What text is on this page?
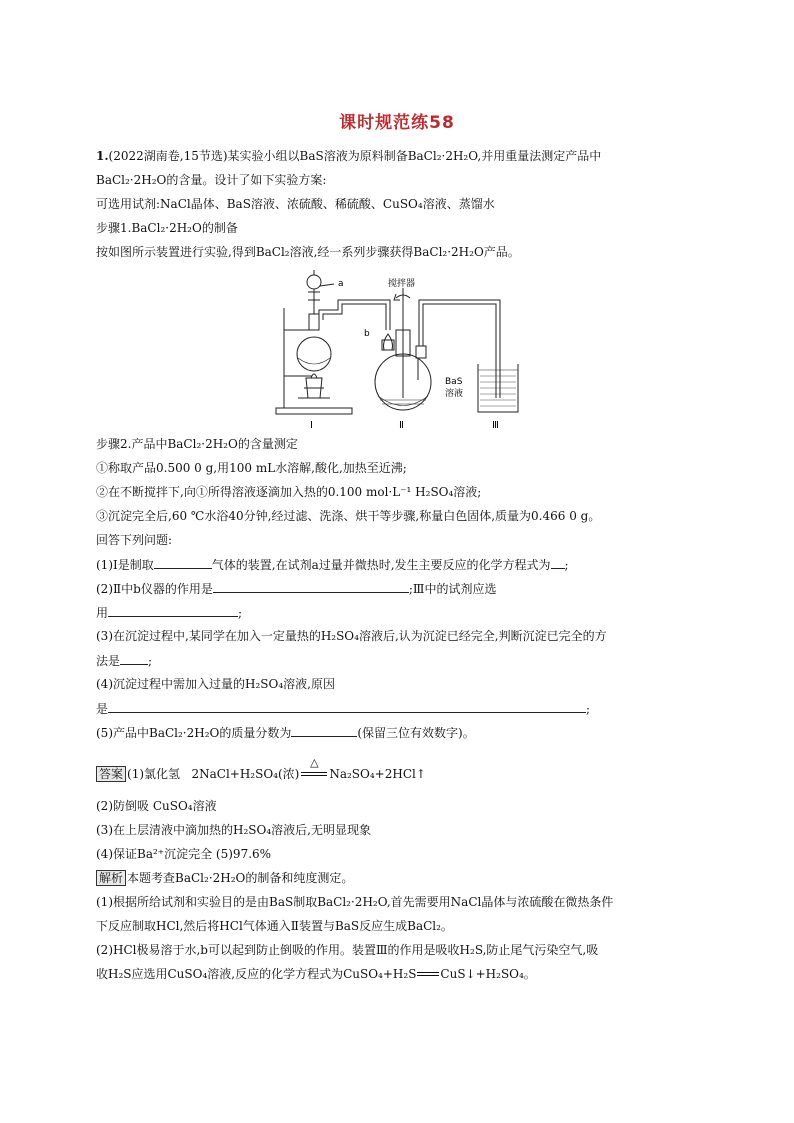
课时规范练58
1.(2022湖南卷,15节选)某实验小组以BaS溶液为原料制备BaCl₂·2H₂O,并用重量法测定产品中
BaCl₂·2H₂O的含量。设计了如下实验方案:
可选用试剂:NaCl晶体、BaS溶液、浓硫酸、稀硫酸、CuSO₄溶液、蒸馏水
步骤1.BaCl₂·2H₂O的制备
按如图所示装置进行实验,得到BaCl₂溶液,经一系列步骤获得BaCl₂·2H₂O产品。
a
b
搅拌器
BaS
溶液
Ⅰ	Ⅱ	Ⅲ
步骤2.产品中BaCl₂·2H₂O的含量测定
①称取产品0.500 0 g,用100 mL水溶解,酸化,加热至近沸;
②在不断搅拌下,向①所得溶液逐滴加入热的0.100 mol·L⁻¹ H₂SO₄溶液;
③沉淀完全后,60 ℃水浴40分钟,经过滤、洗涤、烘干等步骤,称量白色固体,质量为0.466 0 g。
回答下列问题:
(1)Ⅰ是制取	气体的装置,在试剂a过量并微热时,发生主要反应的化学方程式为 ;
(2)Ⅱ中b仪器的作用是	;Ⅲ中的试剂应选
用	;
(3)在沉淀过程中,某同学在加入一定量热的H₂SO₄溶液后,认为沉淀已经完全,判断沉淀已完全的方
法是 ;
(4)沉淀过程中需加入过量的H₂SO₄溶液,原因
是	;
(5)产品中BaCl₂·2H₂O的质量分数为	(保留三位有效数字)。
答案 (1)氯化氢 2NaCl+H₂SO₄(浓)
△
Na₂SO₄+2HCl↑
(2)防倒吸 CuSO₄溶液
(3)在上层清液中滴加热的H₂SO₄溶液后,无明显现象
(4)保证Ba²⁺沉淀完全 (5)97.6%
解析 本题考查BaCl₂·2H₂O的制备和纯度测定。
(1)根据所给试剂和实验目的是由BaS制取BaCl₂·2H₂O,首先需要用NaCl晶体与浓硫酸在微热条件
下反应制取HCl,然后将HCl气体通入Ⅱ装置与BaS反应生成BaCl₂。
(2)HCl极易溶于水,b可以起到防止倒吸的作用。装置Ⅲ的作用是吸收H₂S,防止尾气污染空气,吸
收H₂S应选用CuSO₄溶液,反应的化学方程式为CuSO₄+H₂S CuS↓+H₂SO₄。
